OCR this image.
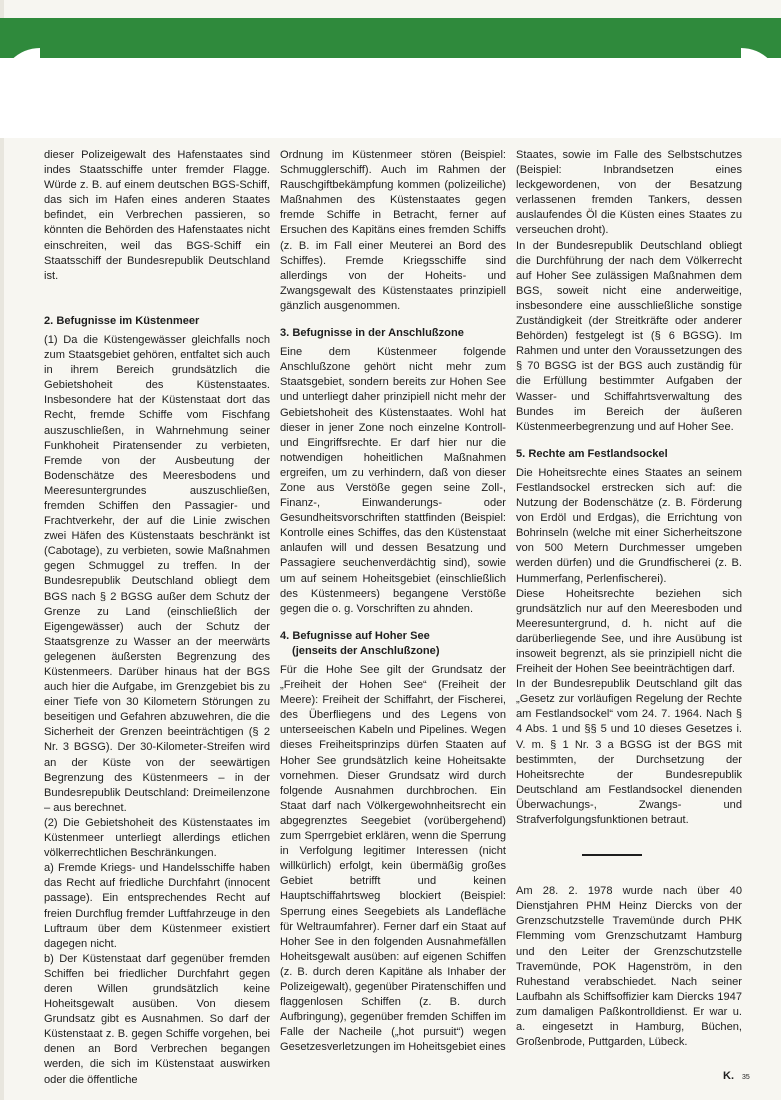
dieser Polizeigewalt des Hafenstaates sind indes Staatsschiffe unter fremder Flagge. Würde z. B. auf einem deutschen BGS-Schiff, das sich im Hafen eines anderen Staates befindet, ein Verbrechen passieren, so könnten die Behörden des Hafenstaates nicht einschreiten, weil das BGS-Schiff ein Staatsschiff der Bundesrepublik Deutschland ist.

2. Befugnisse im Küstenmeer

(1) Da die Küstengewässer gleichfalls noch zum Staatsgebiet gehören, entfaltet sich auch in ihrem Bereich grundsätzlich die Gebietshoheit des Küstenstaates. Insbesondere hat der Küstenstaat dort das Recht, fremde Schiffe vom Fischfang auszuschließen, in Wahrnehmung seiner Funkhoheit Piratensender zu verbieten, Fremde von der Ausbeutung der Bodenschätze des Meeresbodens und Meeresuntergrundes auszuschließen, fremden Schiffen den Passagier- und Frachtverkehr, der auf die Linie zwischen zwei Häfen des Küstenstaats beschränkt ist (Cabotage), zu verbieten, sowie Maßnahmen gegen Schmuggel zu treffen. In der Bundesrepublik Deutschland obliegt dem BGS nach § 2 BGSG außer dem Schutz der Grenze zu Land (einschließlich der Eigengewässer) auch der Schutz der Staatsgrenze zu Wasser an der meerwärts gelegenen äußersten Begrenzung des Küstenmeers. Darüber hinaus hat der BGS auch hier die Aufgabe, im Grenzgebiet bis zu einer Tiefe von 30 Kilometern Störungen zu beseitigen und Gefahren abzuwehren, die die Sicherheit der Grenzen beeinträchtigen (§ 2 Nr. 3 BGSG). Der 30-Kilometer-Streifen wird an der Küste von der seewärtigen Begrenzung des Küstenmeers – in der Bundesrepublik Deutschland: Dreimeilenzone – aus berechnet.

(2) Die Gebietshoheit des Küstenstaates im Küstenmeer unterliegt allerdings etlichen völkerrechtlichen Beschränkungen.

a) Fremde Kriegs- und Handelsschiffe haben das Recht auf friedliche Durchfahrt (innocent passage). Ein entsprechendes Recht auf freien Durchflug fremder Luftfahrzeuge in den Luftraum über dem Küstenmeer existiert dagegen nicht.

b) Der Küstenstaat darf gegenüber fremden Schiffen bei friedlicher Durchfahrt gegen deren Willen grundsätzlich keine Hoheitsgewalt ausüben. Von diesem Grundsatz gibt es Ausnahmen. So darf der Küstenstaat z. B. gegen Schiffe vorgehen, bei denen an Bord Verbrechen begangen werden, die sich im Küstenstaat auswirken oder die öffentliche

Ordnung im Küstenmeer stören (Beispiel: Schmugglerschiff). Auch im Rahmen der Rauschgiftbekämpfung kommen (polizeiliche) Maßnahmen des Küstenstaates gegen fremde Schiffe in Betracht, ferner auf Ersuchen des Kapitäns eines fremden Schiffs (z. B. im Fall einer Meuterei an Bord des Schiffes). Fremde Kriegsschiffe sind allerdings von der Hoheits- und Zwangsgewalt des Küstenstaates prinzipiell gänzlich ausgenommen.

3. Befugnisse in der Anschlußzone

Eine dem Küstenmeer folgende Anschlußzone gehört nicht mehr zum Staatsgebiet, sondern bereits zur Hohen See und unterliegt daher prinzipiell nicht mehr der Gebietshoheit des Küstenstaates. Wohl hat dieser in jener Zone noch einzelne Kontroll- und Eingriffsrechte. Er darf hier nur die notwendigen hoheitlichen Maßnahmen ergreifen, um zu verhindern, daß von dieser Zone aus Verstöße gegen seine Zoll-, Finanz-, Einwanderungs- oder Gesundheitsvorschriften stattfinden (Beispiel: Kontrolle eines Schiffes, das den Küstenstaat anlaufen will und dessen Besatzung und Passagiere seuchenverdächtig sind), sowie um auf seinem Hoheitsgebiet (einschließlich des Küstenmeers) begangene Verstöße gegen die o. g. Vorschriften zu ahnden.

4. Befugnisse auf Hoher See

(jenseits der Anschlußzone)

Für die Hohe See gilt der Grundsatz der „Freiheit der Hohen See“ (Freiheit der Meere): Freiheit der Schiffahrt, der Fischerei, des Überfliegens und des Legens von unterseeischen Kabeln und Pipelines. Wegen dieses Freiheitsprinzips dürfen Staaten auf Hoher See grundsätzlich keine Hoheitsakte vornehmen. Dieser Grundsatz wird durch folgende Ausnahmen durchbrochen. Ein Staat darf nach Völkergewohnheitsrecht ein abgegrenztes Seegebiet (vorübergehend) zum Sperrgebiet erklären, wenn die Sperrung in Verfolgung legitimer Interessen (nicht willkürlich) erfolgt, kein übermäßig großes Gebiet betrifft und keinen Hauptschiffahrtsweg blockiert (Beispiel: Sperrung eines Seegebiets als Landefläche für Weltraumfahrer). Ferner darf ein Staat auf Hoher See in den folgenden Ausnahmefällen Hoheitsgewalt ausüben: auf eigenen Schiffen (z. B. durch deren Kapitäne als Inhaber der Polizeigewalt), gegenüber Piratenschiffen und flaggenlosen Schiffen (z. B. durch Aufbringung), gegenüber fremden Schiffen im Falle der Nacheile („hot pursuit“) wegen Gesetzesverletzungen im Hoheitsgebiet eines

Staates, sowie im Falle des Selbstschutzes (Beispiel: Inbrandsetzen eines leckgewordenen, von der Besatzung verlassenen fremden Tankers, dessen auslaufendes Öl die Küsten eines Staates zu verseuchen droht).

In der Bundesrepublik Deutschland obliegt die Durchführung der nach dem Völkerrecht auf Hoher See zulässigen Maßnahmen dem BGS, soweit nicht eine anderweitige, insbesondere eine ausschließliche sonstige Zuständigkeit (der Streitkräfte oder anderer Behörden) festgelegt ist (§ 6 BGSG). Im Rahmen und unter den Voraussetzungen des § 70 BGSG ist der BGS auch zuständig für die Erfüllung bestimmter Aufgaben der Wasser- und Schiffahrtsverwaltung des Bundes im Bereich der äußeren Küstenmeerbegrenzung und auf Hoher See.

5. Rechte am Festlandsockel

Die Hoheitsrechte eines Staates an seinem Festlandsockel erstrecken sich auf: die Nutzung der Bodenschätze (z. B. Förderung von Erdöl und Erdgas), die Errichtung von Bohrinseln (welche mit einer Sicherheitszone von 500 Metern Durchmesser umgeben werden dürfen) und die Grundfischerei (z. B. Hummerfang, Perlenfischerei).

Diese Hoheitsrechte beziehen sich grundsätzlich nur auf den Meeresboden und Meeresuntergrund, d. h. nicht auf die darüberliegende See, und ihre Ausübung ist insoweit begrenzt, als sie prinzipiell nicht die Freiheit der Hohen See beeinträchtigen darf.

In der Bundesrepublik Deutschland gilt das „Gesetz zur vorläufigen Regelung der Rechte am Festlandsockel“ vom 24. 7. 1964. Nach § 4 Abs. 1 und §§ 5 und 10 dieses Gesetzes i. V. m. § 1 Nr. 3 a BGSG ist der BGS mit bestimmten, der Durchsetzung der Hoheitsrechte der Bundesrepublik Deutschland am Festlandsockel dienenden Überwachungs-, Zwangs- und Strafverfolgungsfunktionen betraut.

Am 28. 2. 1978 wurde nach über 40 Dienstjahren PHM Heinz Diercks von der Grenzschutzstelle Travemünde durch PHK Flemming vom Grenzschutzamt Hamburg und den Leiter der Grenzschutzstelle Travemünde, POK Hagenström, in den Ruhestand verabschiedet. Nach seiner Laufbahn als Schiffsoffizier kam Diercks 1947 zum damaligen Paßkontrolldienst. Er war u. a. eingesetzt in Hamburg, Büchen, Großenbrode, Puttgarden, Lübeck.

K. 35
